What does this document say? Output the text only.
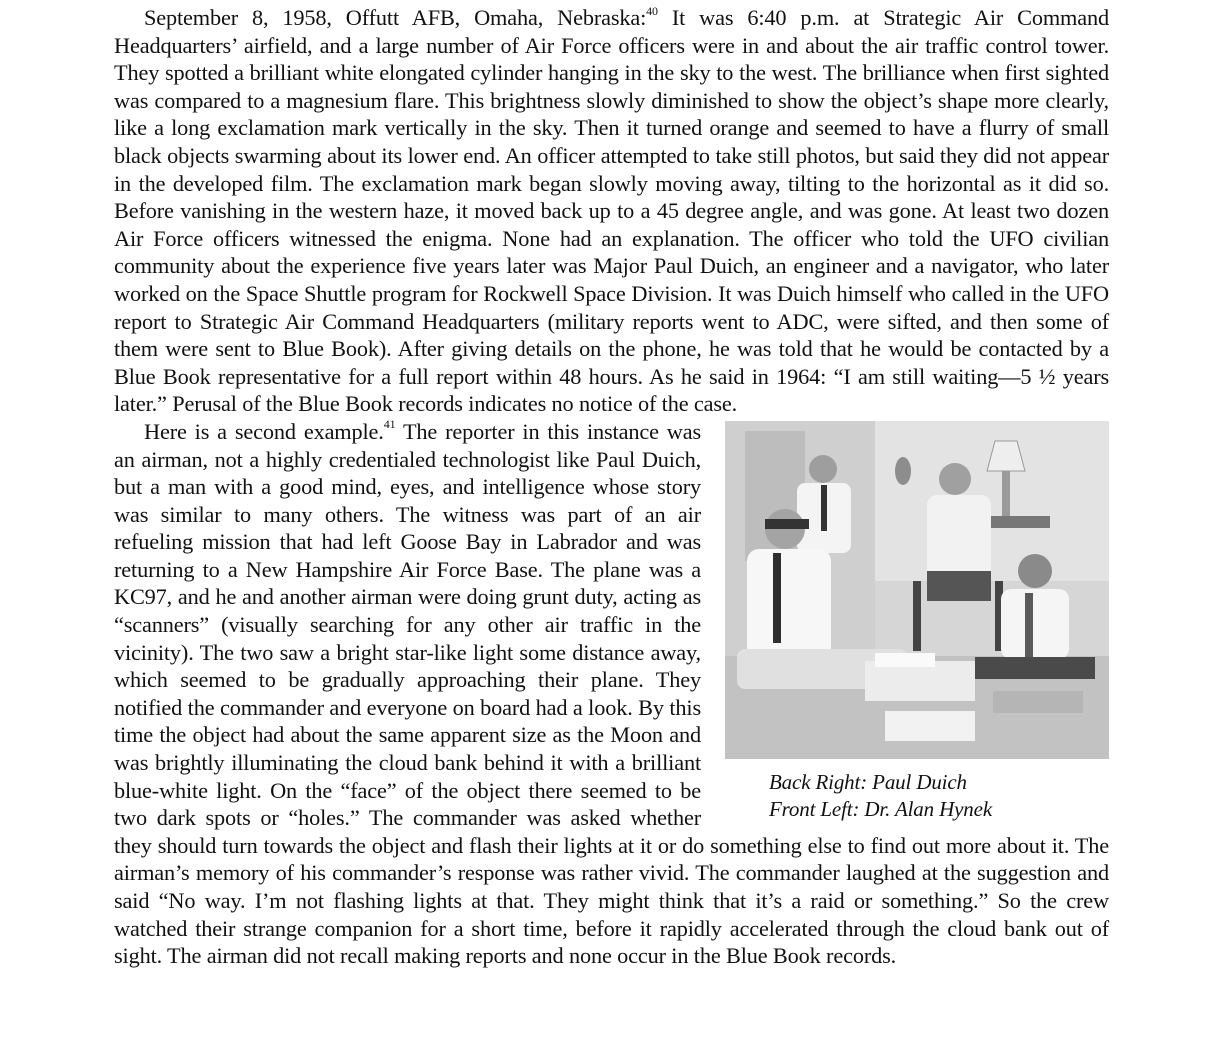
September 8, 1958, Offutt AFB, Omaha, Nebraska:$^{40}$ It was 6:40 p.m. at Strategic Air Command Headquarters’ airfield, and a large number of Air Force officers were in and about the air traffic control tower. They spotted a brilliant white elongated cylinder hanging in the sky to the west. The brilliance when first sighted was compared to a magnesium flare. This brightness slowly diminished to show the object’s shape more clearly, like a long exclamation mark vertically in the sky. Then it turned orange and seemed to have a flurry of small black objects swarming about its lower end. An officer attempted to take still photos, but said they did not appear in the developed film. The exclamation mark began slowly moving away, tilting to the horizontal as it did so. Before vanishing in the western haze, it moved back up to a 45 degree angle, and was gone. At least two dozen Air Force officers witnessed the enigma. None had an explanation. The officer who told the UFO civilian community about the experience five years later was Major Paul Duich, an engineer and a navigator, who later worked on the Space Shuttle program for Rockwell Space Division. It was Duich himself who called in the UFO report to Strategic Air Command Headquarters (military reports went to ADC, were sifted, and then some of them were sent to Blue Book). After giving details on the phone, he was told that he would be contacted by a Blue Book representative for a full report within 48 hours. As he said in 1964: “I am still waiting—5 ½ years later.” Perusal of the Blue Book records indicates no notice of the case.

Here is a second example.$^{41}$
Back Right: Paul Duich
Front Left: Dr. Alan Hynek
The reporter in this instance was an airman, not a highly credentialed technologist like Paul Duich, but a man with a good mind, eyes, and intelligence whose story was similar to many others. The witness was part of an air refueling mission that had left Goose Bay in Labrador and was returning to a New Hampshire Air Force Base. The plane was a KC97, and he and another airman were doing grunt duty, acting as “scanners” (visually searching for any other air traffic in the vicinity). The two saw a bright star-like light some distance away, which seemed to be gradually approaching their plane. They notified the commander and everyone on board had a look. By this time the object had about the same apparent size as the Moon and was brightly illuminating the cloud bank behind it with a brilliant blue-white light. On the “face” of the object there seemed to be two dark spots or “holes.” The commander was asked whether they should turn towards the object and flash their lights at it or do something else to find out more about it. The airman’s memory of his commander’s response was rather vivid. The commander laughed at the suggestion and said “No way. I’m not flashing lights at that. They might think that it’s a raid or something.” So the crew watched their strange companion for a short time, before it rapidly accelerated through the cloud bank out of sight. The airman did not recall making reports and none occur in the Blue Book records.
